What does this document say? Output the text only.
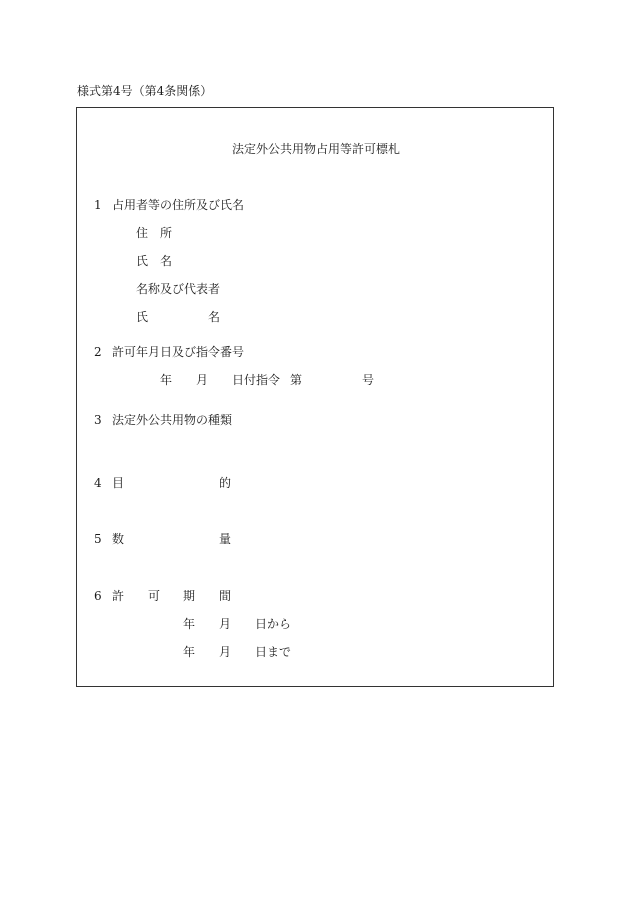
様式第4号（第4条関係）
法定外公共用物占用等許可標札
1 占用者等の住所及び氏名
住 所
氏 名
名称及び代表者
氏	名
2 許可年月日及び指令番号
年 月 日付指令 第	号
3 法定外公共用物の種類
4 目	的
5 数	量
6 許 可 期 間
年 月 日から
年 月 日まで
